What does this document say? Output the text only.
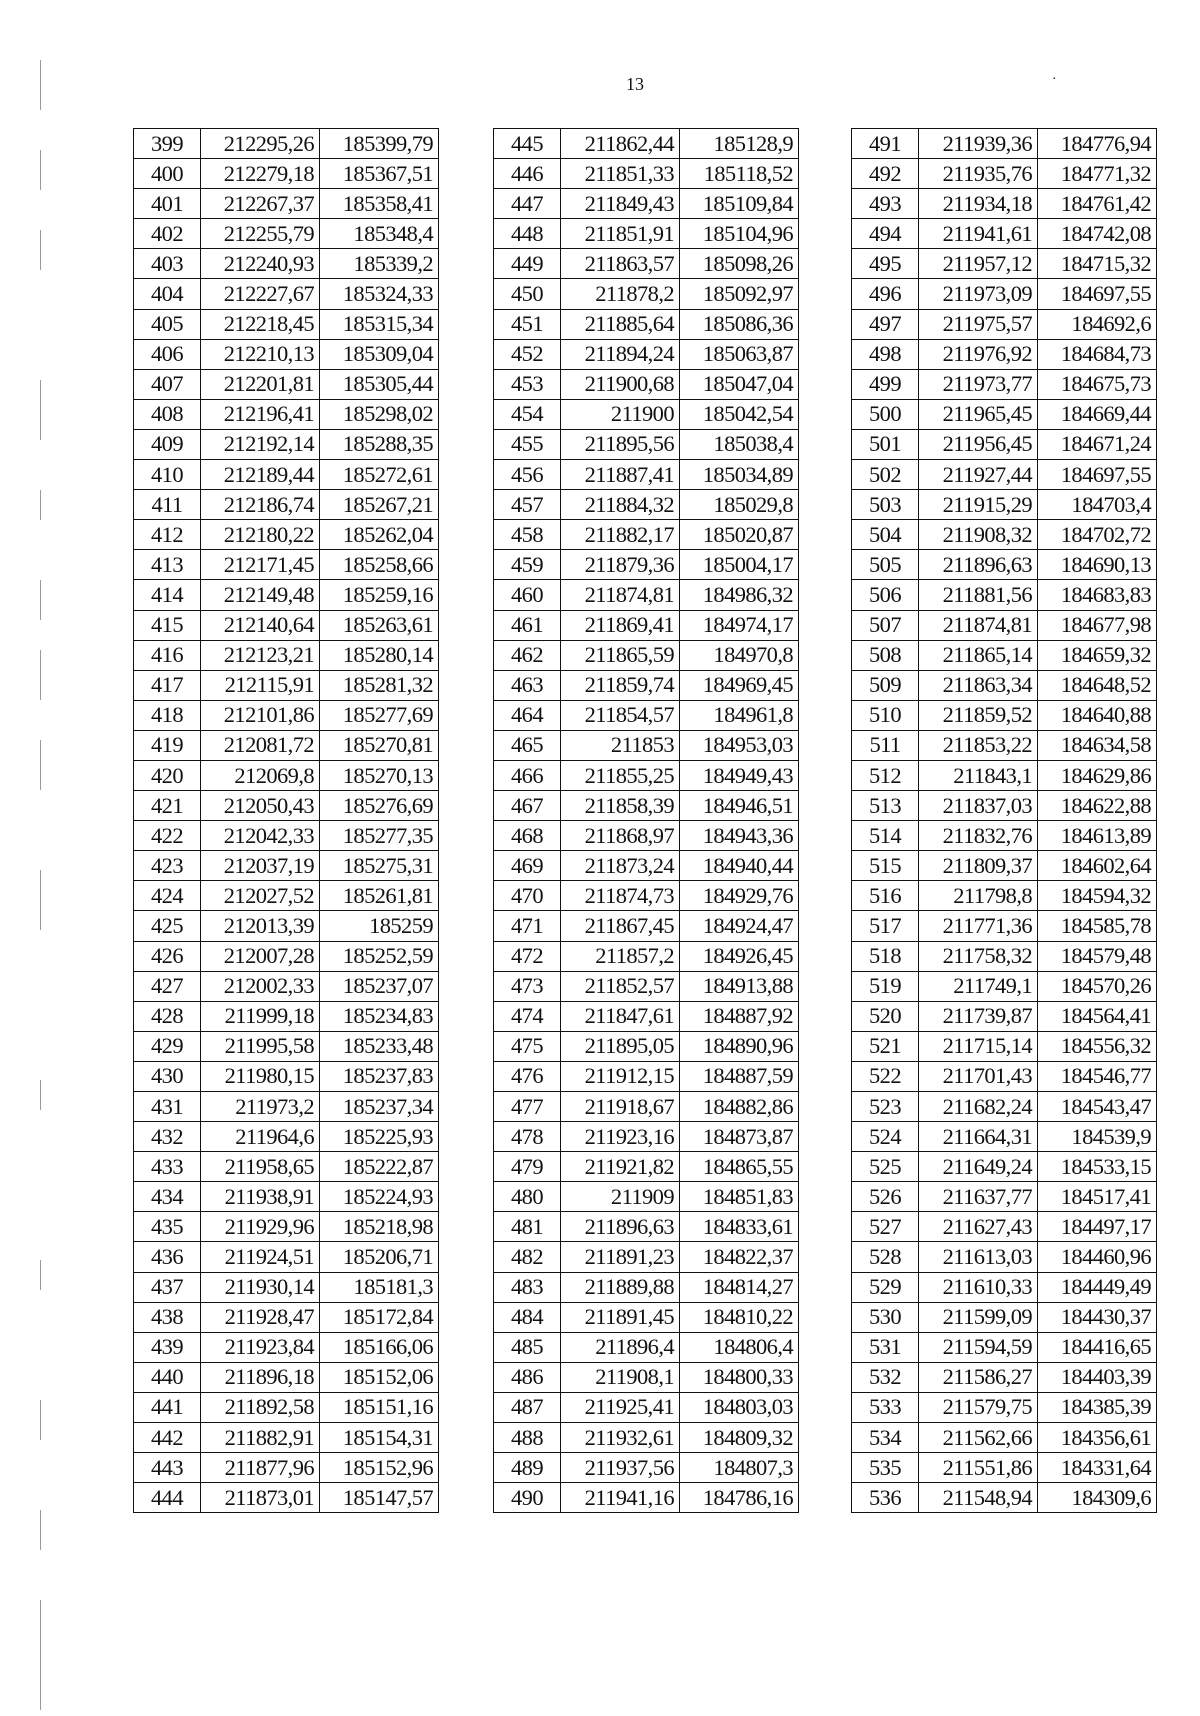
13	·
399	212295,26	185399,79
400	212279,18	185367,51
401	212267,37	185358,41
402	212255,79	185348,4
403	212240,93	185339,2
404	212227,67	185324,33
405	212218,45	185315,34
406	212210,13	185309,04
407	212201,81	185305,44
408	212196,41	185298,02
409	212192,14	185288,35
410	212189,44	185272,61
411	212186,74	185267,21
412	212180,22	185262,04
413	212171,45	185258,66
414	212149,48	185259,16
415	212140,64	185263,61
416	212123,21	185280,14
417	212115,91	185281,32
418	212101,86	185277,69
419	212081,72	185270,81
420	212069,8	185270,13
421	212050,43	185276,69
422	212042,33	185277,35
423	212037,19	185275,31
424	212027,52	185261,81
425	212013,39	185259
426	212007,28	185252,59
427	212002,33	185237,07
428	211999,18	185234,83
429	211995,58	185233,48
430	211980,15	185237,83
431	211973,2	185237,34
432	211964,6	185225,93
433	211958,65	185222,87
434	211938,91	185224,93
435	211929,96	185218,98
436	211924,51	185206,71
437	211930,14	185181,3
438	211928,47	185172,84
439	211923,84	185166,06
440	211896,18	185152,06
441	211892,58	185151,16
442	211882,91	185154,31
443	211877,96	185152,96
444	211873,01	185147,57
445	211862,44	185128,9
446	211851,33	185118,52
447	211849,43	185109,84
448	211851,91	185104,96
449	211863,57	185098,26
450	211878,2	185092,97
451	211885,64	185086,36
452	211894,24	185063,87
453	211900,68	185047,04
454	211900	185042,54
455	211895,56	185038,4
456	211887,41	185034,89
457	211884,32	185029,8
458	211882,17	185020,87
459	211879,36	185004,17
460	211874,81	184986,32
461	211869,41	184974,17
462	211865,59	184970,8
463	211859,74	184969,45
464	211854,57	184961,8
465	211853	184953,03
466	211855,25	184949,43
467	211858,39	184946,51
468	211868,97	184943,36
469	211873,24	184940,44
470	211874,73	184929,76
471	211867,45	184924,47
472	211857,2	184926,45
473	211852,57	184913,88
474	211847,61	184887,92
475	211895,05	184890,96
476	211912,15	184887,59
477	211918,67	184882,86
478	211923,16	184873,87
479	211921,82	184865,55
480	211909	184851,83
481	211896,63	184833,61
482	211891,23	184822,37
483	211889,88	184814,27
484	211891,45	184810,22
485	211896,4	184806,4
486	211908,1	184800,33
487	211925,41	184803,03
488	211932,61	184809,32
489	211937,56	184807,3
490	211941,16	184786,16
491	211939,36	184776,94
492	211935,76	184771,32
493	211934,18	184761,42
494	211941,61	184742,08
495	211957,12	184715,32
496	211973,09	184697,55
497	211975,57	184692,6
498	211976,92	184684,73
499	211973,77	184675,73
500	211965,45	184669,44
501	211956,45	184671,24
502	211927,44	184697,55
503	211915,29	184703,4
504	211908,32	184702,72
505	211896,63	184690,13
506	211881,56	184683,83
507	211874,81	184677,98
508	211865,14	184659,32
509	211863,34	184648,52
510	211859,52	184640,88
511	211853,22	184634,58
512	211843,1	184629,86
513	211837,03	184622,88
514	211832,76	184613,89
515	211809,37	184602,64
516	211798,8	184594,32
517	211771,36	184585,78
518	211758,32	184579,48
519	211749,1	184570,26
520	211739,87	184564,41
521	211715,14	184556,32
522	211701,43	184546,77
523	211682,24	184543,47
524	211664,31	184539,9
525	211649,24	184533,15
526	211637,77	184517,41
527	211627,43	184497,17
528	211613,03	184460,96
529	211610,33	184449,49
530	211599,09	184430,37
531	211594,59	184416,65
532	211586,27	184403,39
533	211579,75	184385,39
534	211562,66	184356,61
535	211551,86	184331,64
536	211548,94	184309,6
